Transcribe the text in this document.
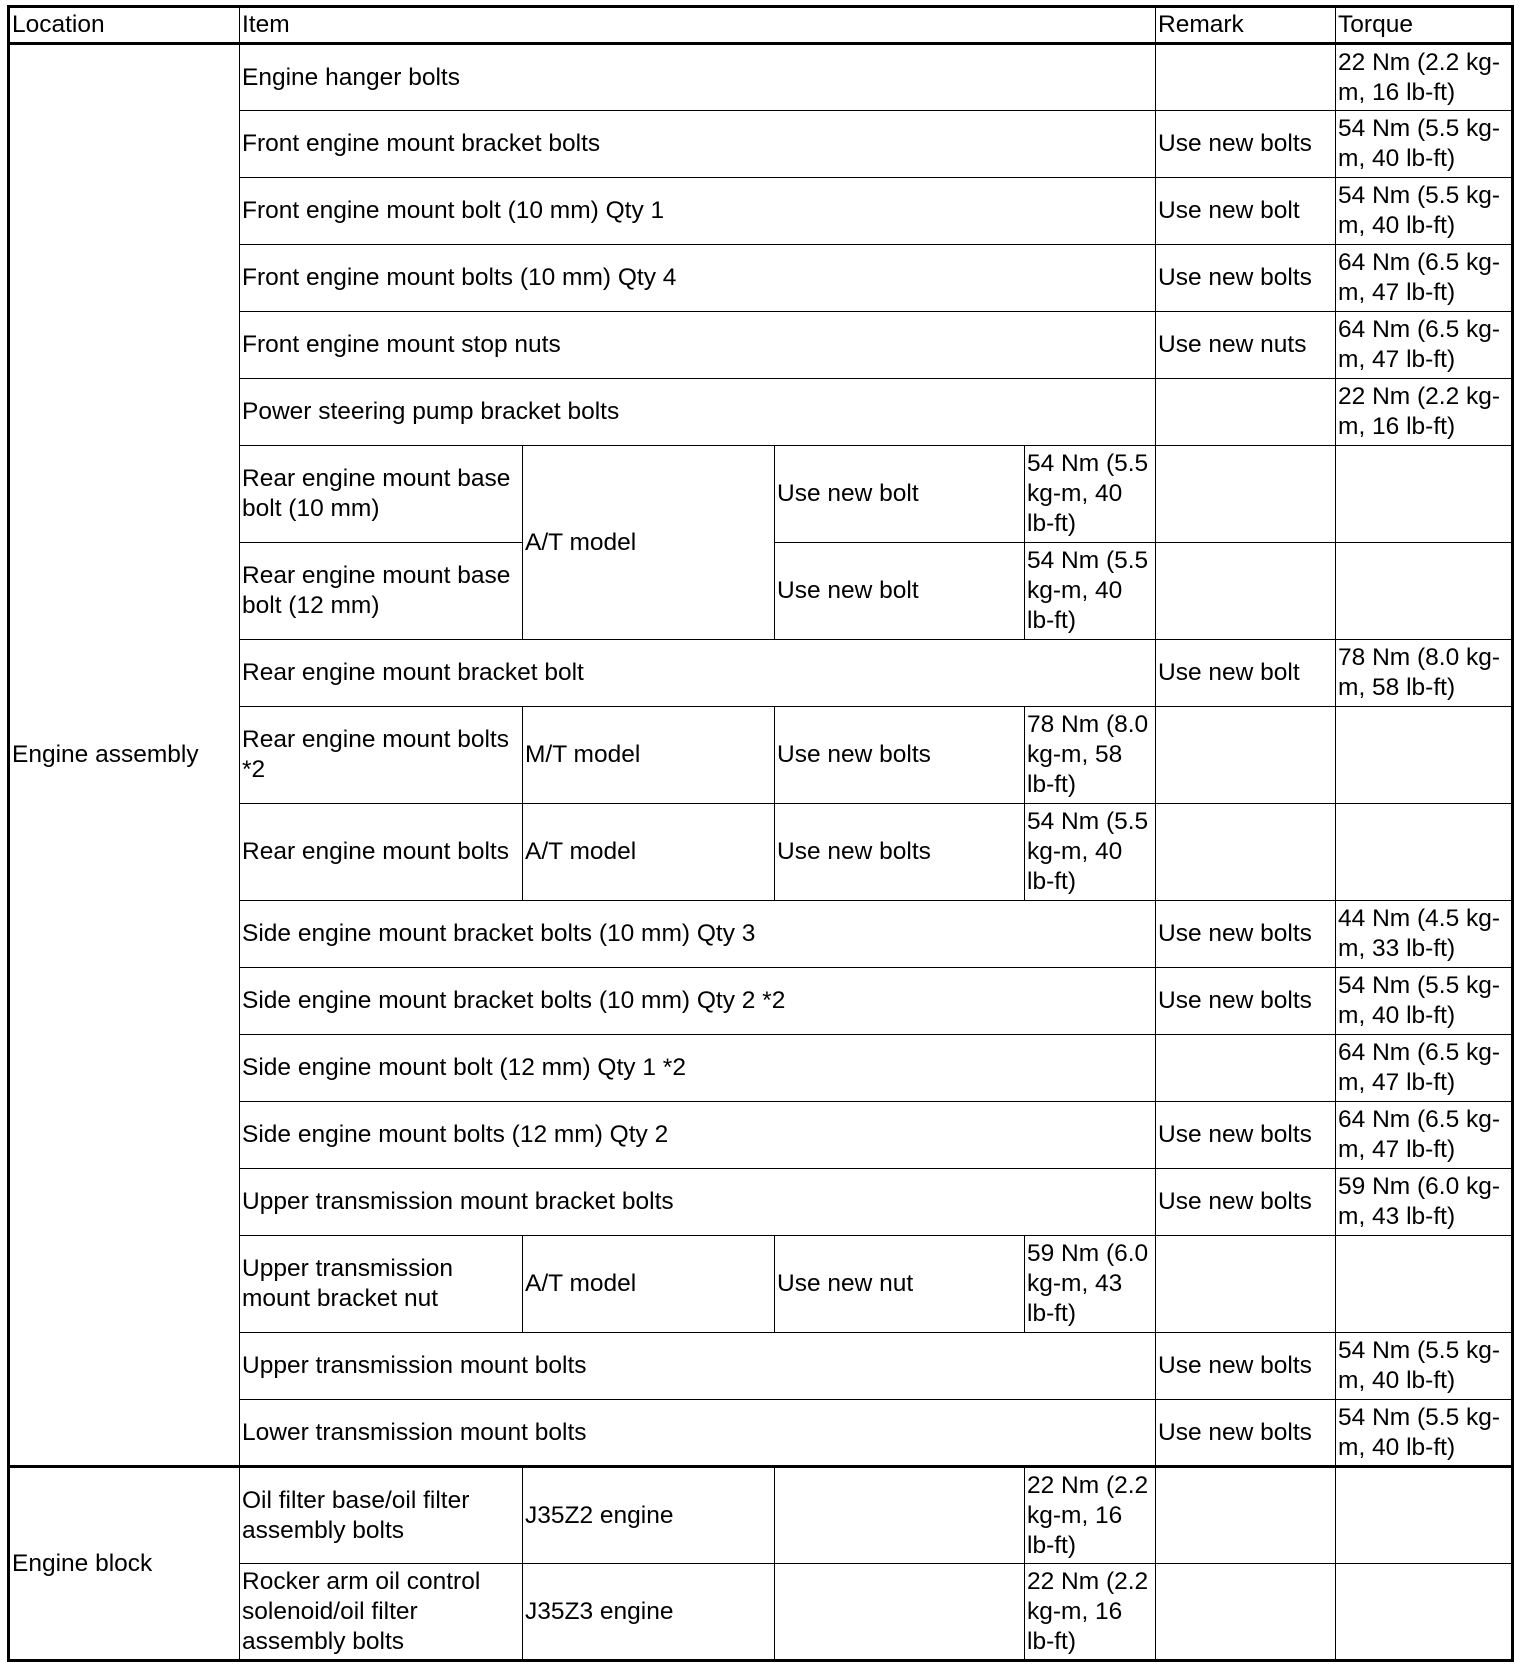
Location	Item				Remark	Torque
Engine assembly	Engine hanger bolts					22 Nm (2.2 kg-m, 16 lb-ft)
	Front engine mount bracket bolts				Use new bolts	54 Nm (5.5 kg-m, 40 lb-ft)
	Front engine mount bolt (10 mm) Qty 1				Use new bolt	54 Nm (5.5 kg-m, 40 lb-ft)
	Front engine mount bolts (10 mm) Qty 4				Use new bolts	64 Nm (6.5 kg-m, 47 lb-ft)
	Front engine mount stop nuts				Use new nuts	64 Nm (6.5 kg-m, 47 lb-ft)
	Power steering pump bracket bolts					22 Nm (2.2 kg-m, 16 lb-ft)
	Rear engine mount base bolt (10 mm)	A/T model	Use new bolt	54 Nm (5.5 kg-m, 40 lb-ft)		
	Rear engine mount base bolt (12 mm)		Use new bolt	54 Nm (5.5 kg-m, 40 lb-ft)		
	Rear engine mount bracket bolt				Use new bolt	78 Nm (8.0 kg-m, 58 lb-ft)
	Rear engine mount bolts *2	M/T model	Use new bolts	78 Nm (8.0 kg-m, 58 lb-ft)		
	Rear engine mount bolts	A/T model	Use new bolts	54 Nm (5.5 kg-m, 40 lb-ft)		
	Side engine mount bracket bolts (10 mm) Qty 3				Use new bolts	44 Nm (4.5 kg-m, 33 lb-ft)
	Side engine mount bracket bolts (10 mm) Qty 2 *2				Use new bolts	54 Nm (5.5 kg-m, 40 lb-ft)
	Side engine mount bolt (12 mm) Qty 1 *2					64 Nm (6.5 kg-m, 47 lb-ft)
	Side engine mount bolts (12 mm) Qty 2				Use new bolts	64 Nm (6.5 kg-m, 47 lb-ft)
	Upper transmission mount bracket bolts				Use new bolts	59 Nm (6.0 kg-m, 43 lb-ft)
	Upper transmission mount bracket nut	A/T model	Use new nut	59 Nm (6.0 kg-m, 43 lb-ft)		
	Upper transmission mount bolts				Use new bolts	54 Nm (5.5 kg-m, 40 lb-ft)
	Lower transmission mount bolts				Use new bolts	54 Nm (5.5 kg-m, 40 lb-ft)
Engine block	Oil filter base/oil filter assembly bolts	J35Z2 engine		22 Nm (2.2 kg-m, 16 lb-ft)		
	Rocker arm oil control solenoid/oil filter assembly bolts	J35Z3 engine		22 Nm (2.2 kg-m, 16 lb-ft)		
